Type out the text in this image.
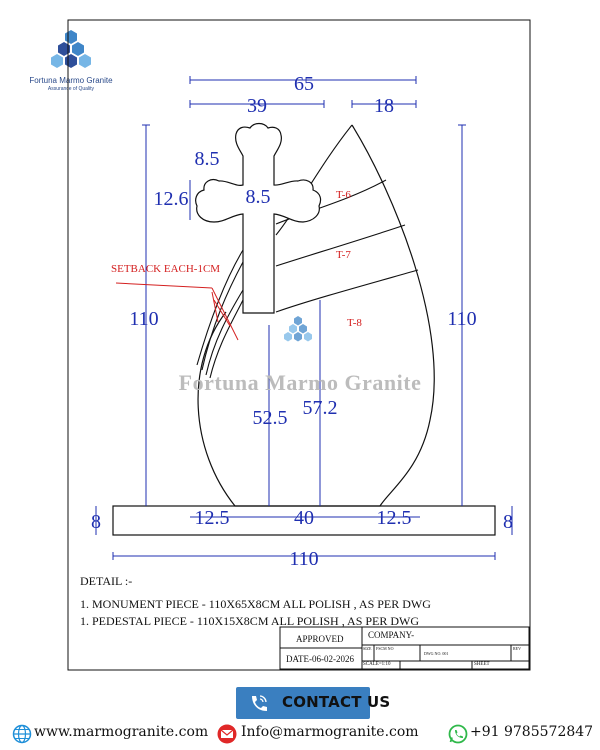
Fortuna Marmo Granite
Assurance of Quality	65
39	18
8.5
12.6	8.5
110	110
52.5 57.2
8	8
12.5	40	12.5
110
T-6
T-7
T-8
SETBACK EACH-1CM
Fortuna Marmo Granite
DETAIL :-
1. MONUMENT PIECE - 110X65X8CM ALL POLISH , AS PER DWG
1. PEDESTAL PIECE - 110X15X8CM ALL POLISH , AS PER DWG
APPROVED	COMPANY-
DATE-06-02-2026
SIZE FSCM NO
DWG NO. 001
REV
SCALE=1:10	SHEET
CONTACT US
www.marmogranite.com Info@marmogranite.com	+91 9785572847
